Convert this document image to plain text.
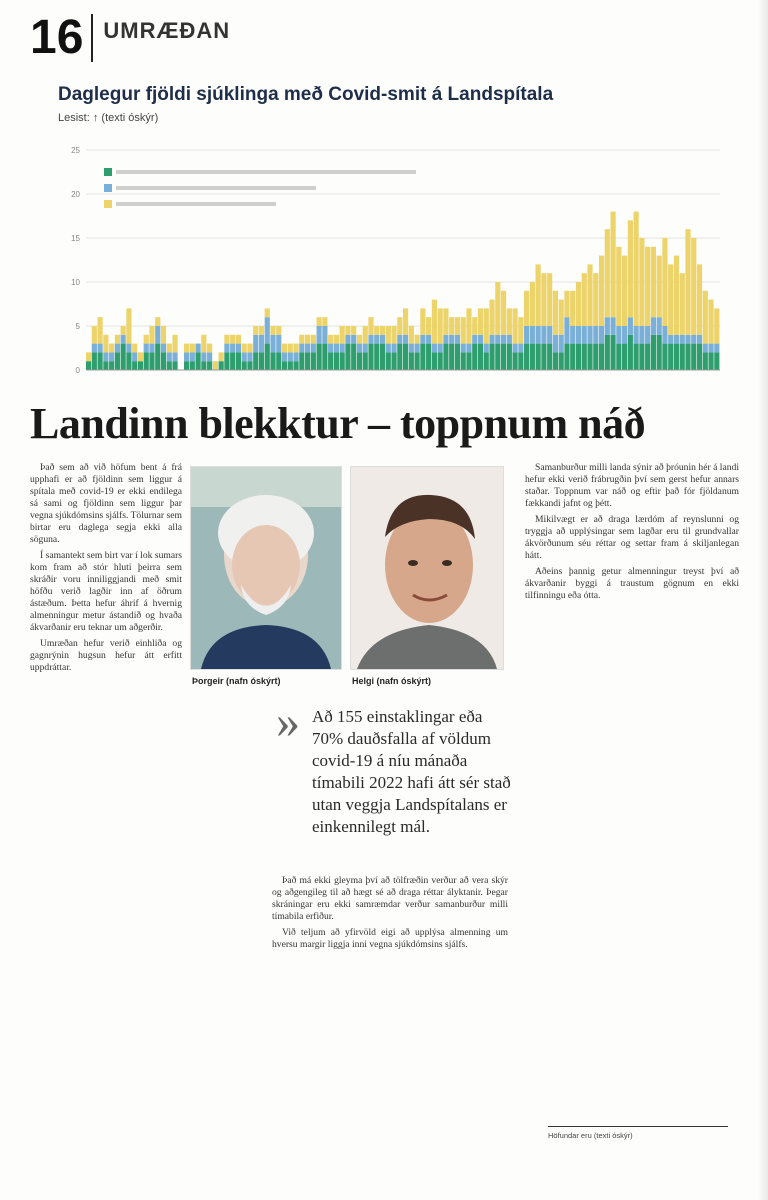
16 UMRÆÐAN
0
5
10
15
20
25
Daglegur fjöldi sjúklinga með Covid-smit á Landspítala
Lesist: ↑ (texti óskýr)
Landinn blekktur – toppnum náð

Það sem að við höfum bent á frá upphafi er að fjöldinn sem liggur á spítala með covid-19 er ekki endilega sá sami og fjöldinn sem liggur þar vegna sjúkdómsins sjálfs. Tölurnar sem birtar eru daglega segja ekki alla söguna.

Í samantekt sem birt var í lok sumars kom fram að stór hluti þeirra sem skráðir voru inniliggjandi með smit höfðu verið lagðir inn af öðrum ástæðum. Þetta hefur áhrif á hvernig almenningur metur ástandið og hvaða ákvarðanir eru teknar um aðgerðir.

Umræðan hefur verið einhliða og gagnrýnin hugsun hefur átt erfitt uppdráttar.

Þorgeir (nafn óskýrt)	Helgi (nafn óskýrt)
» Að 155 einstaklingar eða 70% dauðsfalla af völdum covid-19 á níu mánaða tímabili 2022 hafi átt sér stað utan veggja Landspítalans er einkennilegt mál.

Það má ekki gleyma því að tölfræðin verður að vera skýr og aðgengileg til að hægt sé að draga réttar ályktanir. Þegar skráningar eru ekki samræmdar verður samanburður milli tímabila erfiður.

Við teljum að yfirvöld eigi að upplýsa almenning um hversu margir liggja inni vegna sjúkdómsins sjálfs.

Samanburður milli landa sýnir að þróunin hér á landi hefur ekki verið frábrugðin því sem gerst hefur annars staðar. Toppnum var náð og eftir það fór fjöldanum fækkandi jafnt og þétt.

Mikilvægt er að draga lærdóm af reynslunni og tryggja að upplýsingar sem lagðar eru til grundvallar ákvörðunum séu réttar og settar fram á skiljanlegan hátt.

Aðeins þannig getur almenningur treyst því að ákvarðanir byggi á traustum gögnum en ekki tilfinningu eða ótta.

Höfundar eru (texti óskýr)
